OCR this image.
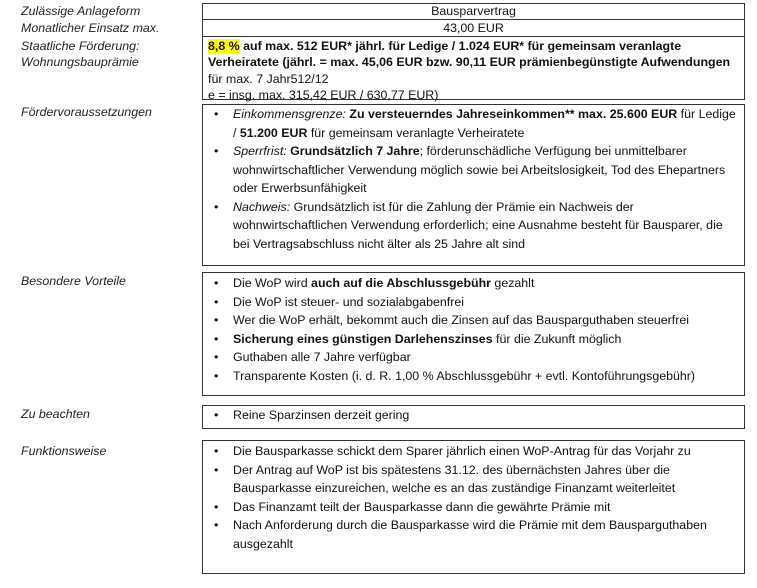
Zulässige Anlageform
Monatlicher Einsatz max.
Staatliche Förderung:
Wohnungsbauprämie
Fördervoraussetzungen
Besondere Vorteile
Zu beachten
Funktionsweise
Bausparvertrag
43,00 EUR
8,8 % auf max. 512 EUR* jährl. für Ledige / 1.024 EUR* für gemeinsam veranlagte Verheiratete (jährl. = max. 45,06 EUR bzw. 90,11 EUR prämienbegünstigte Aufwendungen für max. 7 Jahr512/12
e = insg. max. 315,42 EUR / 630,77 EUR)
• Einkommensgrenze: Zu versteuerndes Jahreseinkommen** max. 25.600 EUR für Ledige / 51.200 EUR für gemeinsam veranlagte Verheiratete
• Sperrfrist: Grundsätzlich 7 Jahre; förderunschädliche Verfügung bei unmittelbarer wohnwirtschaftlicher Verwendung möglich sowie bei Arbeitslosigkeit, Tod des Ehepartners oder Erwerbsunfähigkeit
• Nachweis: Grundsätzlich ist für die Zahlung der Prämie ein Nachweis der wohnwirtschaftlichen Verwendung erforderlich; eine Ausnahme besteht für Bausparer, die bei Vertragsabschluss nicht älter als 25 Jahre alt sind
• Die WoP wird auch auf die Abschlussgebühr gezahlt
• Die WoP ist steuer- und sozialabgabenfrei
• Wer die WoP erhält, bekommt auch die Zinsen auf das Bausparguthaben steuerfrei
• Sicherung eines günstigen Darlehenszinses für die Zukunft möglich
• Guthaben alle 7 Jahre verfügbar
• Transparente Kosten (i. d. R. 1,00 % Abschlussgebühr + evtl. Kontoführungsgebühr)
• Reine Sparzinsen derzeit gering
• Die Bausparkasse schickt dem Sparer jährlich einen WoP-Antrag für das Vorjahr zu
• Der Antrag auf WoP ist bis spätestens 31.12. des übernächsten Jahres über die Bausparkasse einzureichen, welche es an das zuständige Finanzamt weiterleitet
• Das Finanzamt teilt der Bausparkasse dann die gewährte Prämie mit
• Nach Anforderung durch die Bausparkasse wird die Prämie mit dem Bausparguthaben ausgezahlt
